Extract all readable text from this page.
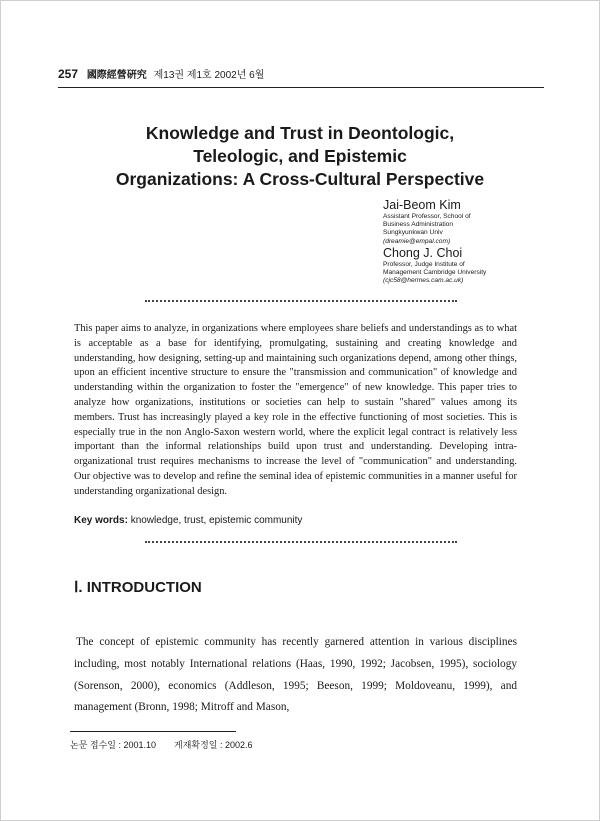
257 國際經營硏究 제13권 제1호 2002년 6월
Knowledge and Trust in Deontologic,
Teleologic, and Epistemic
Organizations: A Cross-Cultural Perspective
Jai-Beom Kim
Assistant Professor, School of
Business Administration
Sungkyunkwan Univ
(dreamie@empal.com)
Chong J. Choi
Professor, Judge Institute of
Management Cambridge University
(cjc58@hermes.cam.ac.uk)
This paper aims to analyze, in organizations where employees share beliefs and understandings as to what is acceptable as a base for identifying, promulgating, sustaining and creating knowledge and understanding, how designing, setting-up and maintaining such organizations depend, among other things, upon an efficient incentive structure to ensure the "transmission and communication" of knowledge and understanding within the organization to foster the "emergence" of new knowledge. This paper tries to analyze how organizations, institutions or societies can help to sustain "shared" values among its members. Trust has increasingly played a key role in the effective functioning of most societies. This is especially true in the non Anglo-Saxon western world, where the explicit legal contract is relatively less important than the informal relationships build upon trust and understanding. Developing intra-organizational trust requires mechanisms to increase the level of "communication" and understanding. Our objective was to develop and refine the seminal idea of epistemic communities in a manner useful for understanding organizational design.
Key words: knowledge, trust, epistemic community
Ⅰ. INTRODUCTION
The concept of epistemic community has recently garnered attention in various disciplines including, most notably International relations (Haas, 1990, 1992; Jacobsen, 1995), sociology (Sorenson, 2000), economics (Addleson, 1995; Beeson, 1999; Moldoveanu, 1999), and management (Bronn, 1998; Mitroff and Mason,
논문 접수일 : 2001.10 게재확정일 : 2002.6
